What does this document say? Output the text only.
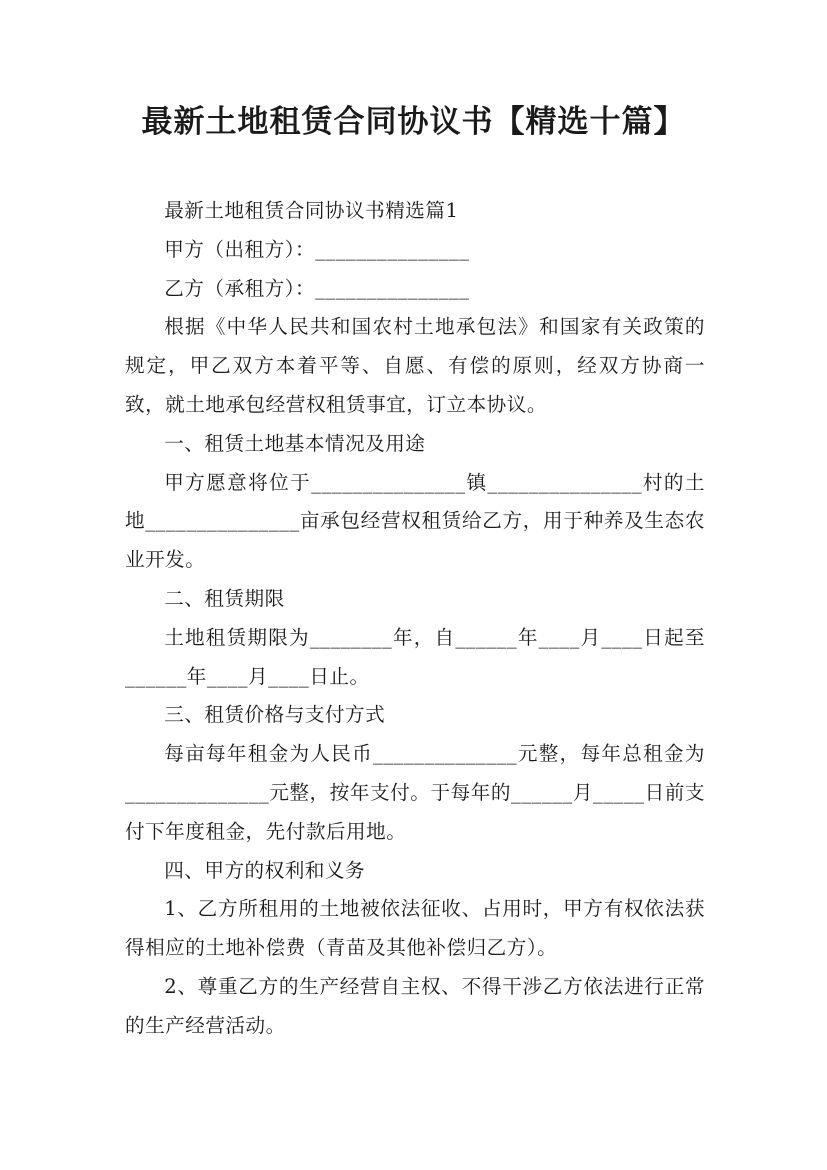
最新土地租赁合同协议书【精选十篇】

最新土地租赁合同协议书精选篇1

甲方（出租方）：_______________

乙方（承租方）：_______________

根据《中华人民共和国农村土地承包法》和国家有关政策的规定，甲乙双方本着平等、自愿、有偿的原则，经双方协商一致，就土地承包经营权租赁事宜，订立本协议。

一、租赁土地基本情况及用途

甲方愿意将位于_______________镇_______________村的土地_______________亩承包经营权租赁给乙方，用于种养及生态农业开发。

二、租赁期限

土地租赁期限为________年，自______年____月____日起至______年____月____日止。

三、租赁价格与支付方式

每亩每年租金为人民币______________元整，每年总租金为______________元整，按年支付。于每年的______月_____日前支付下年度租金，先付款后用地。

四、甲方的权利和义务

1、乙方所租用的土地被依法征收、占用时，甲方有权依法获得相应的土地补偿费（青苗及其他补偿归乙方）。

2、尊重乙方的生产经营自主权、不得干涉乙方依法进行正常的生产经营活动。
